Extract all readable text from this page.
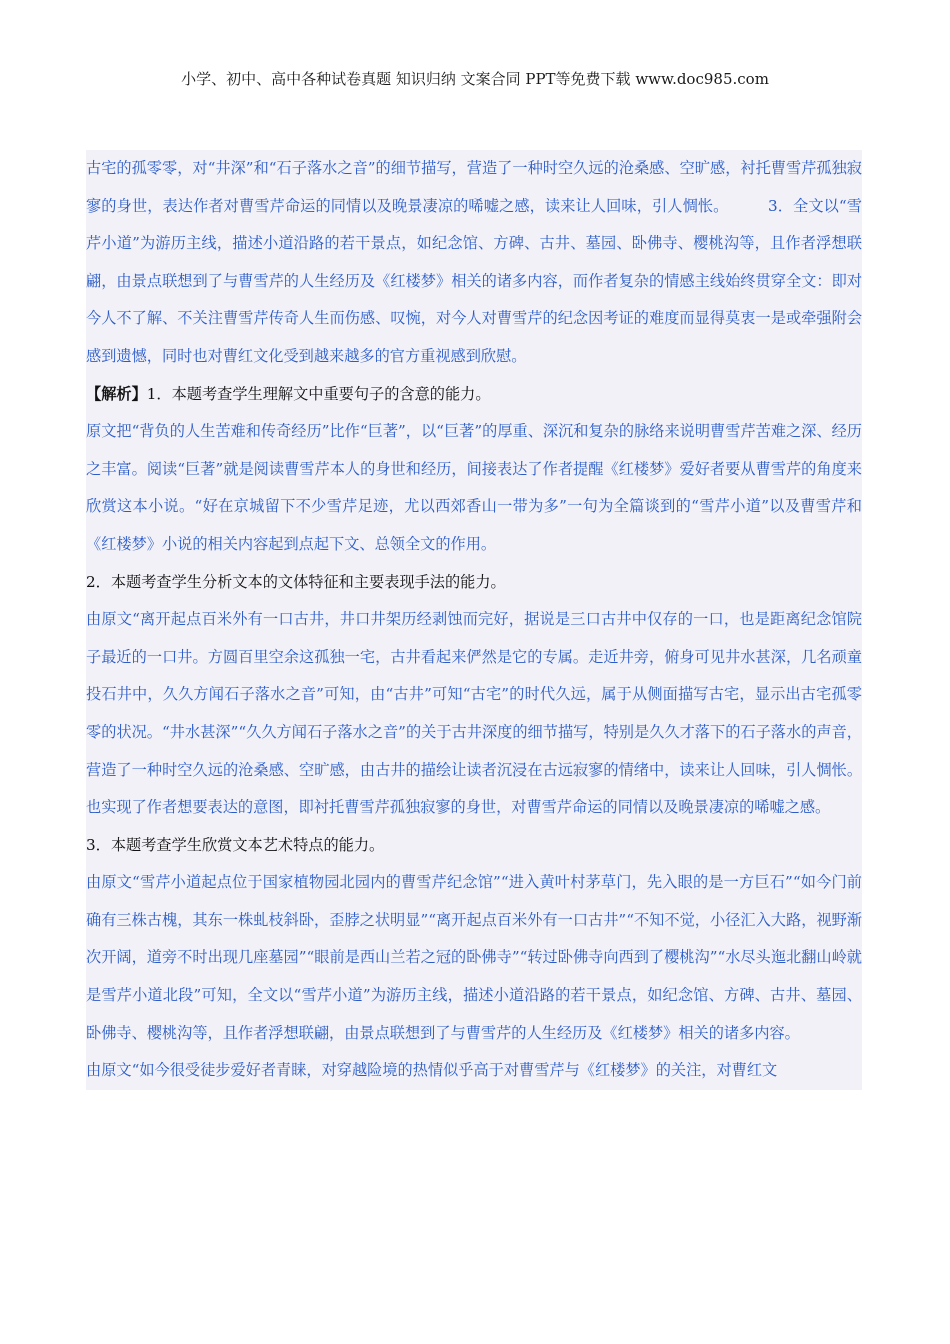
小学、初中、高中各种试卷真题 知识归纳 文案合同 PPT等免费下载 www.doc985.com

古宅的孤零零，对“井深”和“石子落水之音”的细节描写，营造了一种时空久远的沧桑感、空旷感，衬托曹雪芹孤独寂寥的身世，表达作者对曹雪芹命运的同情以及晚景凄凉的唏嘘之感，读来让人回味，引人惆怅。        3．全文以“雪芹小道”为游历主线，描述小道沿路的若干景点，如纪念馆、方碑、古井、墓园、卧佛寺、樱桃沟等，且作者浮想联翩，由景点联想到了与曹雪芹的人生经历及《红楼梦》相关的诸多内容，而作者复杂的情感主线始终贯穿全文：即对今人不了解、不关注曹雪芹传奇人生而伤感、叹惋，对今人对曹雪芹的纪念因考证的难度而显得莫衷一是或牵强附会感到遗憾，同时也对曹红文化受到越来越多的官方重视感到欣慰。

【解析】1．本题考查学生理解文中重要句子的含意的能力。

原文把“背负的人生苦难和传奇经历”比作“巨著”，以“巨著”的厚重、深沉和复杂的脉络来说明曹雪芹苦难之深、经历之丰富。阅读“巨著”就是阅读曹雪芹本人的身世和经历，间接表达了作者提醒《红楼梦》爱好者要从曹雪芹的角度来欣赏这本小说。“好在京城留下不少雪芹足迹，尤以西郊香山一带为多”一句为全篇谈到的“雪芹小道”以及曹雪芹和《红楼梦》小说的相关内容起到点起下文、总领全文的作用。

2．本题考查学生分析文本的文体特征和主要表现手法的能力。

由原文“离开起点百米外有一口古井，井口井架历经剥蚀而完好，据说是三口古井中仅存的一口，也是距离纪念馆院子最近的一口井。方圆百里空余这孤独一宅，古井看起来俨然是它的专属。走近井旁，俯身可见井水甚深，几名顽童投石井中，久久方闻石子落水之音”可知，由“古井”可知“古宅”的时代久远，属于从侧面描写古宅，显示出古宅孤零零的状况。“井水甚深”“久久方闻石子落水之音”的关于古井深度的细节描写，特别是久久才落下的石子落水的声音，营造了一种时空久远的沧桑感、空旷感，由古井的描绘让读者沉浸在古远寂寥的情绪中，读来让人回味，引人惆怅。也实现了作者想要表达的意图，即衬托曹雪芹孤独寂寥的身世，对曹雪芹命运的同情以及晚景凄凉的唏嘘之感。

3．本题考查学生欣赏文本艺术特点的能力。

由原文“雪芹小道起点位于国家植物园北园内的曹雪芹纪念馆”“进入黄叶村茅草门，先入眼的是一方巨石”“如今门前确有三株古槐，其东一株虬枝斜卧，歪脖之状明显”“离开起点百米外有一口古井”“不知不觉，小径汇入大路，视野渐次开阔，道旁不时出现几座墓园”“眼前是西山兰若之冠的卧佛寺”“转过卧佛寺向西到了樱桃沟”“水尽头迤北翻山岭就是雪芹小道北段”可知，全文以“雪芹小道”为游历主线，描述小道沿路的若干景点，如纪念馆、方碑、古井、墓园、卧佛寺、樱桃沟等，且作者浮想联翩，由景点联想到了与曹雪芹的人生经历及《红楼梦》相关的诸多内容。

由原文“如今很受徒步爱好者青睐，对穿越险境的热情似乎高于对曹雪芹与《红楼梦》的关注，对曹红文
